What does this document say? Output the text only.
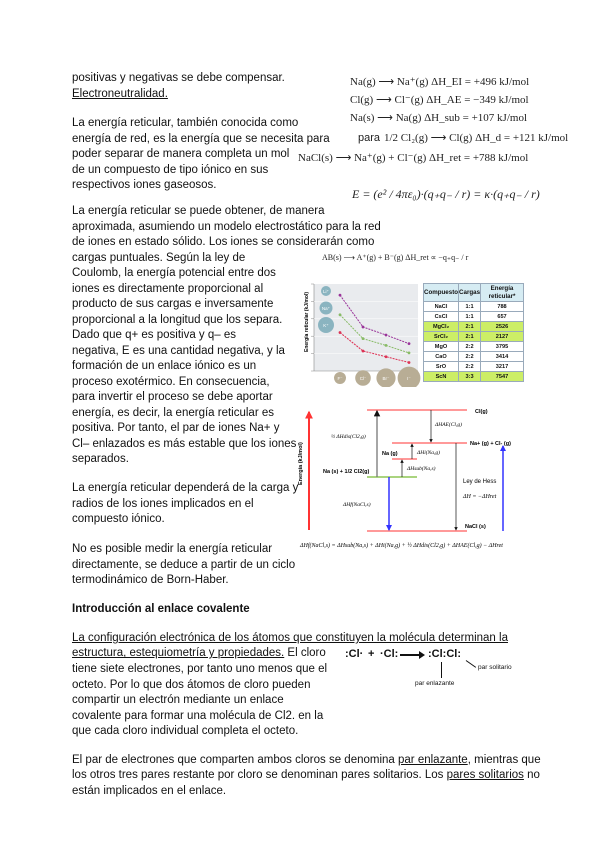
positivas y negativas se debe compensar.
Electroneutralidad.
La energía reticular, también conocida como
energía de red, es la energía que se necesita para
poder separar de manera completa un mol
de un compuesto de tipo iónico en sus
respectivos iones gaseosos.
La energía reticular se puede obtener, de manera
aproximada, asumiendo un modelo electrostático para la red
de iones en estado sólido. Los iones se considerarán como
cargas puntuales. Según la ley de
Coulomb, la energía potencial entre dos
iones es directamente proporcional al
producto de sus cargas e inversamente
proporcional a la longitud que los separa.
Dado que q+ es positiva y q– es
negativa, E es una cantidad negativa, y la
formación de un enlace iónico es un
proceso exotérmico. En consecuencia,
para invertir el proceso se debe aportar
energía, es decir, la energía reticular es
positiva. Por tanto, el par de iones Na+ y
Cl– enlazados es más estable que los iones
separados.
La energía reticular dependerá de la carga y
radios de los iones implicados en el
compuesto iónico.
No es posible medir la energía reticular
directamente, se deduce a partir de un ciclo
termodinámico de Born-Haber.
Introducción al enlace covalente
La configuración electrónica de los átomos que constituyen la molécula determinan la
estructura, estequiometría y propiedades. El cloro
tiene siete electrones, por tanto uno menos que el
octeto. Por lo que dos átomos de cloro pueden
compartir un electrón mediante un enlace
covalente para formar una molécula de Cl2. en la
que cada cloro individual completa el octeto.
El par de electrones que comparten ambos cloros se denomina par enlazante, mientras que
los otros tres pares restante por cloro se denominan pares solitarios. Los pares solitarios no
están implicados en el enlace.
Na(g) ⟶ Na⁺(g) ΔH_EI = +496 kJ/mol
Cl(g) ⟶ Cl⁻(g) ΔH_AE = −349 kJ/mol
Na(s) ⟶ Na(g) ΔH_sub = +107 kJ/mol
para 1/2 Cl₂(g) ⟶ Cl(g) ΔH_d = +121 kJ/mol
NaCl(s) ⟶ Na⁺(g) + Cl⁻(g) ΔH_ret = +788 kJ/mol
E = (e² / 4πε₀)·(q₊q₋ / r) = κ·(q₊q₋ / r)
AB(s) ⟶ A⁺(g) + B⁻(g) ΔH_ret ∝ −q₊q₋ / r
Energía reticular (kJ/mol)
Li⁺
Na⁺
K⁺
F⁻	Cl⁻	Br⁻	I⁻
Compuesto	Cargas	Energía reticular*
NaCl	1:1	788
CsCl	1:1	657
MgCl₂	2:1	2526
SrCl₂	2:1	2127
MgO	2:2	3795
CaO	2:2	3414
SrO	2:2	3217
ScN	3:3	7547
Energía (kJ/mol)
Cl(g)
Na+ (g) + Cl- (g)
Na (g)
Na (s) + 1/2 Cl2(g)
NaCl (s)
½ ΔHdis(Cl2,g)
ΔHAE(Cl,g)
ΔHi(Na,g)
ΔHsub(Na,s)
ΔHf(NaCl,s)
Ley de Hess
ΔH = −ΔHret
ΔHf(NaCl,s) = ΔHsub(Na,s) + ΔHi(Na,g) + ½ ΔHdis(Cl2,g) + ΔHAE(Cl,g) − ΔHret
:Cl· + ·Cl:	:Cl:Cl:
par solitario
par enlazante
